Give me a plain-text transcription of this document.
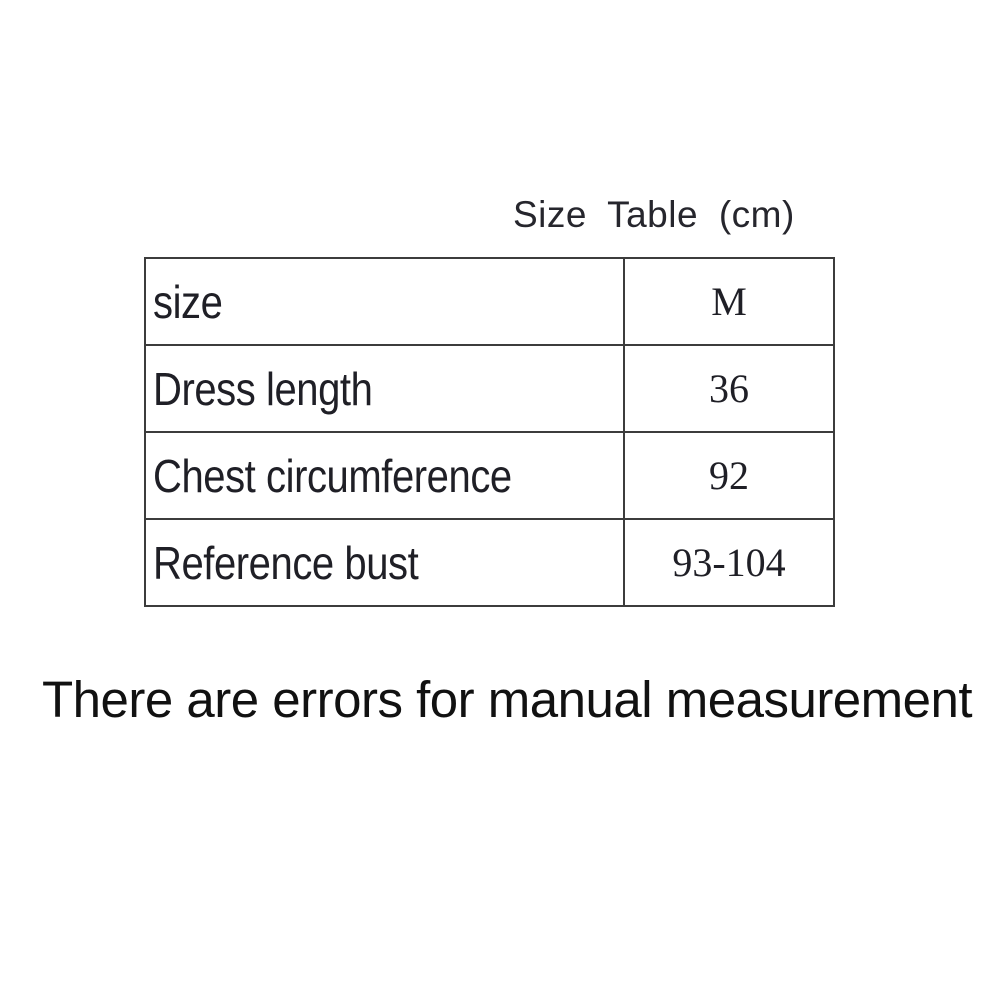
Size Table (cm)
size	M
Dress length	36
Chest circumference	92
Reference bust	93-104
There are errors for manual measurement
